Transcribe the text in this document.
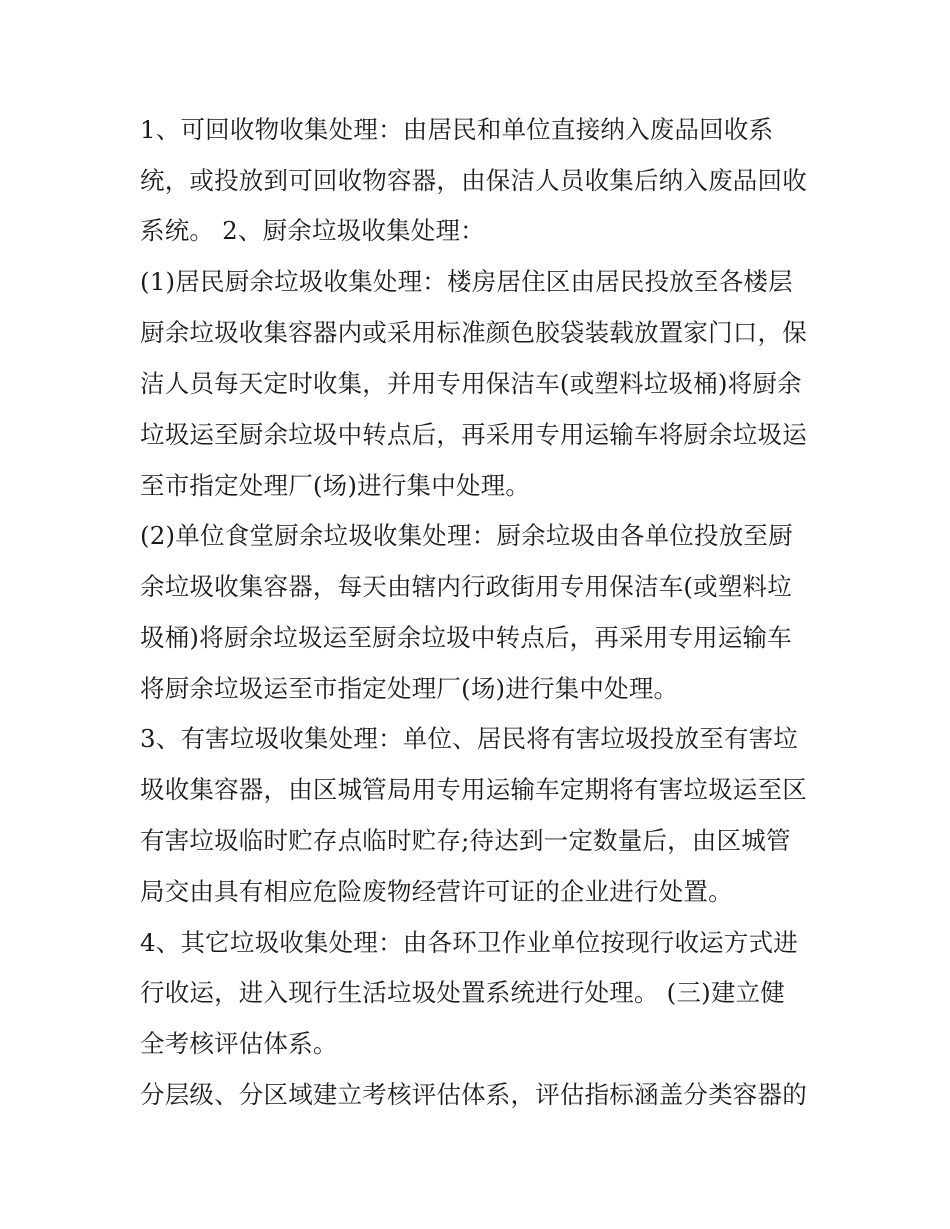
1、可回收物收集处理：由居民和单位直接纳入废品回收系
统，或投放到可回收物容器，由保洁人员收集后纳入废品回收
系统。 2、厨余垃圾收集处理：
(1)居民厨余垃圾收集处理：楼房居住区由居民投放至各楼层
厨余垃圾收集容器内或采用标准颜色胶袋装载放置家门口，保
洁人员每天定时收集，并用专用保洁车(或塑料垃圾桶)将厨余
垃圾运至厨余垃圾中转点后，再采用专用运输车将厨余垃圾运
至市指定处理厂(场)进行集中处理。
(2)单位食堂厨余垃圾收集处理：厨余垃圾由各单位投放至厨
余垃圾收集容器，每天由辖内行政街用专用保洁车(或塑料垃
圾桶)将厨余垃圾运至厨余垃圾中转点后，再采用专用运输车
将厨余垃圾运至市指定处理厂(场)进行集中处理。
3、有害垃圾收集处理：单位、居民将有害垃圾投放至有害垃
圾收集容器，由区城管局用专用运输车定期将有害垃圾运至区
有害垃圾临时贮存点临时贮存;待达到一定数量后，由区城管
局交由具有相应危险废物经营许可证的企业进行处置。
4、其它垃圾收集处理：由各环卫作业单位按现行收运方式进
行收运，进入现行生活垃圾处置系统进行处理。 (三)建立健
全考核评估体系。
分层级、分区域建立考核评估体系，评估指标涵盖分类容器的
